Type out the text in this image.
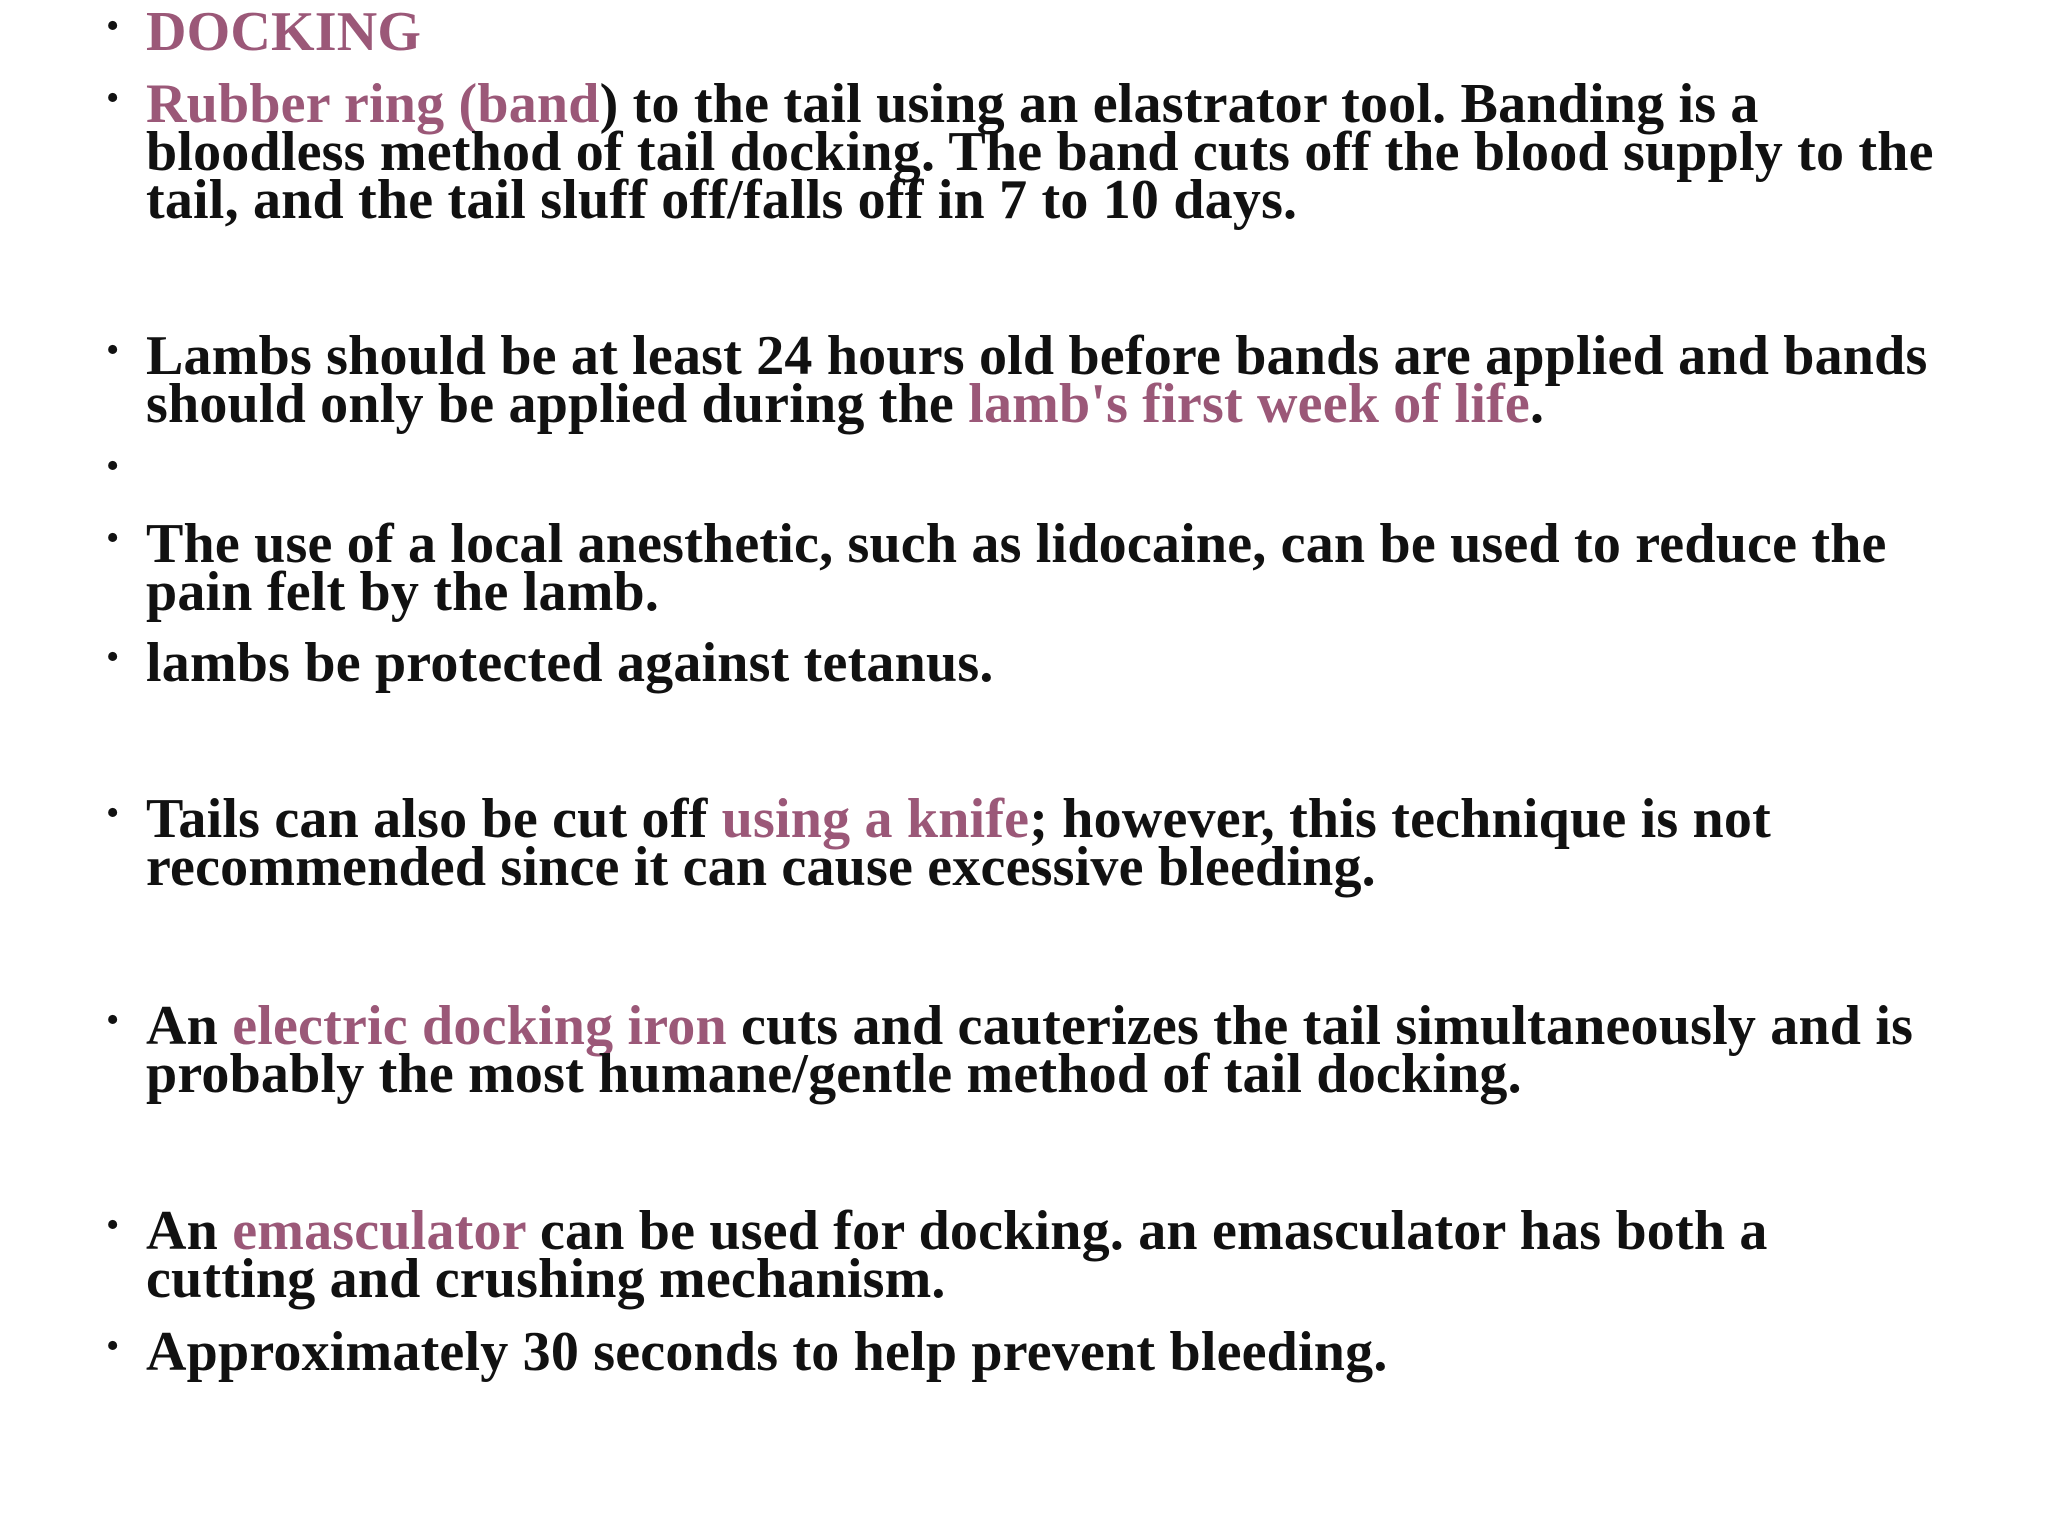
• DOCKING
• Rubber ring (band) to the tail using an elastrator tool. Banding is a bloodless method of tail docking. The band cuts off the blood supply to the tail, and the tail sluff off/falls off in 7 to 10 days.
• Lambs should be at least 24 hours old before bands are applied and bands should only be applied during the lamb's first week of life.
• The use of a local anesthetic, such as lidocaine, can be used to reduce the pain felt by the lamb.
• lambs be protected against tetanus.
• Tails can also be cut off using a knife; however, this technique is not recommended since it can cause excessive bleeding.
• An electric docking iron cuts and cauterizes the tail simultaneously and is probably the most humane/gentle method of tail docking.
• An emasculator can be used for docking. an emasculator has both a cutting and crushing mechanism.
• Approximately 30 seconds to help prevent bleeding.
